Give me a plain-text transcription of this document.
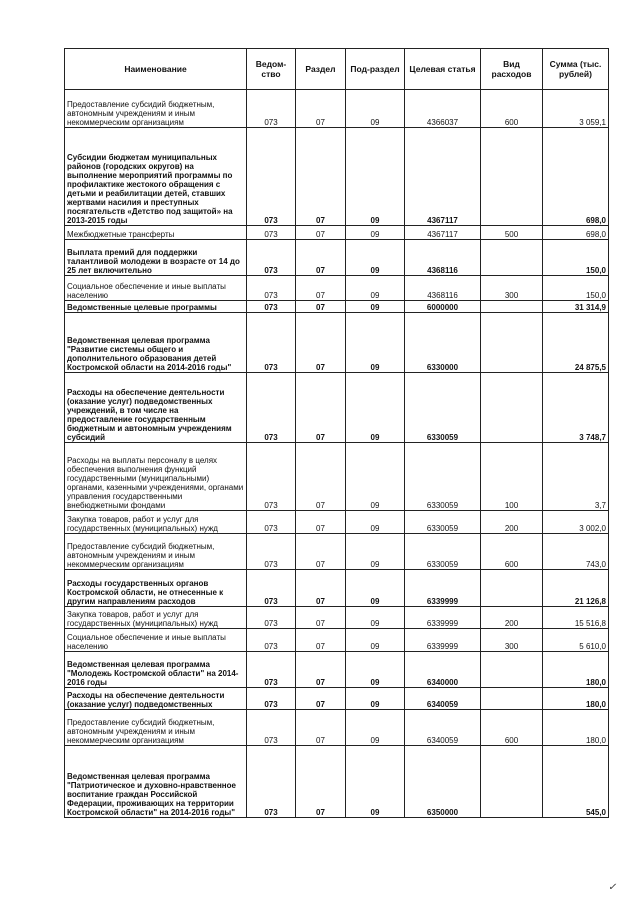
Наименование	Ведом-ство	Раздел	Под-раздел	Целевая статья	Вид расходов	Сумма (тыс. рублей)
Предоставление субсидий бюджетным, автономным учреждениям и иным некоммерческим организациям	073	07	09	4366037	600	3 059,1
Субсидии бюджетам муниципальных районов (городских округов) на выполнение мероприятий программы по профилактике жестокого обращения с детьми и реабилитации детей, ставших жертвами насилия и преступных посягательств «Детство под защитой» на 2013-2015 годы	073	07	09	4367117		698,0
Межбюджетные трансферты	073	07	09	4367117	500	698,0
Выплата премий для поддержки талантливой молодежи в возрасте от 14 до 25 лет включительно	073	07	09	4368116		150,0
Социальное обеспечение и иные выплаты населению	073	07	09	4368116	300	150,0
Ведомственные целевые программы	073	07	09	6000000		31 314,9
Ведомственная целевая программа "Развитие системы общего и дополнительного образования детей Костромской области на 2014-2016 годы"	073	07	09	6330000		24 875,5
Расходы на обеспечение деятельности (оказание услуг) подведомственных учреждений, в том числе на предоставление государственным бюджетным и автономным учреждениям субсидий	073	07	09	6330059		3 748,7
Расходы на выплаты персоналу в целях обеспечения выполнения функций государственными (муниципальными) органами, казенными учреждениями, органами управления государственными внебюджетными фондами	073	07	09	6330059	100	3,7
Закупка товаров, работ и услуг для государственных (муниципальных) нужд	073	07	09	6330059	200	3 002,0
Предоставление субсидий бюджетным, автономным учреждениям и иным некоммерческим организациям	073	07	09	6330059	600	743,0
Расходы государственных органов Костромской области, не отнесенные к другим направлениям расходов	073	07	09	6339999		21 126,8
Закупка товаров, работ и услуг для государственных (муниципальных) нужд	073	07	09	6339999	200	15 516,8
Социальное обеспечение и иные выплаты населению	073	07	09	6339999	300	5 610,0
Ведомственная целевая программа "Молодежь Костромской области" на 2014-2016 годы	073	07	09	6340000		180,0
Расходы на обеспечение деятельности (оказание услуг) подведомственных	073	07	09	6340059		180,0
Предоставление субсидий бюджетным, автономным учреждениям и иным некоммерческим организациям	073	07	09	6340059	600	180,0
Ведомственная целевая программа "Патриотическое и духовно-нравственное воспитание граждан Российской Федерации, проживающих на территории Костромской области" на 2014-2016 годы"	073	07	09	6350000		545,0
✓
